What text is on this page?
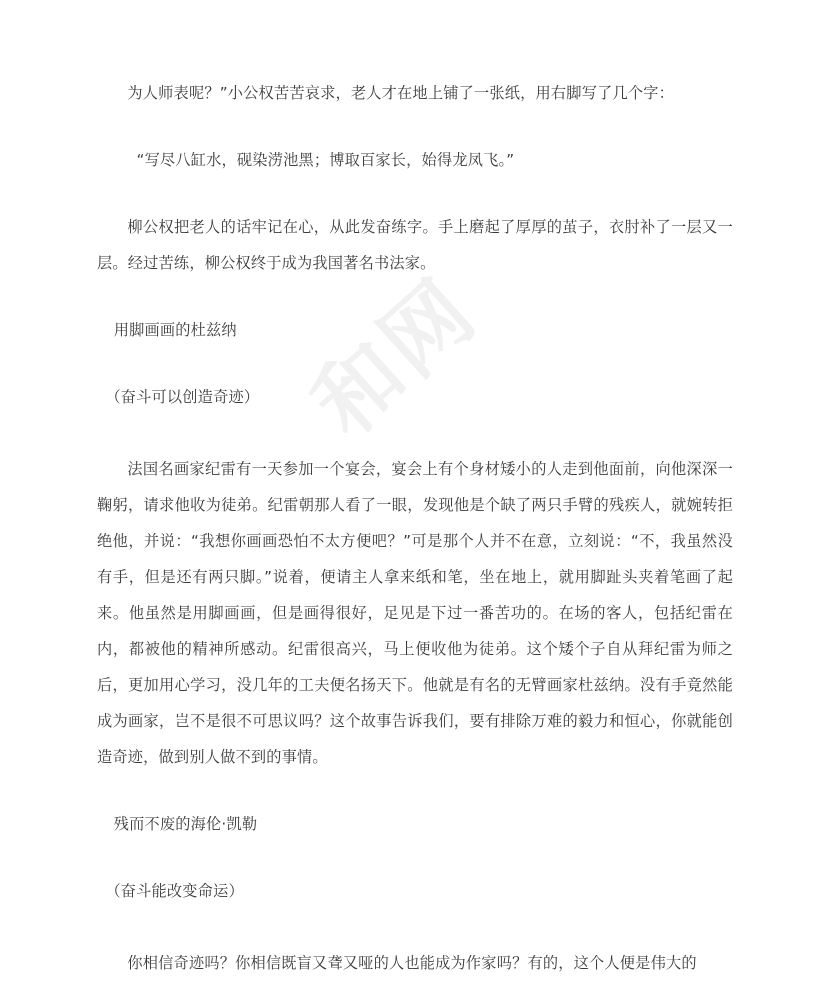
和网

为人师表呢？”小公权苦苦哀求，老人才在地上铺了一张纸，用右脚写了几个字：

“写尽八缸水，砚染涝池黑；博取百家长，始得龙凤飞。”

柳公权把老人的话牢记在心，从此发奋练字。手上磨起了厚厚的茧子，衣肘补了一层又一层。经过苦练，柳公权终于成为我国著名书法家。

用脚画画的杜兹纳

（奋斗可以创造奇迹）

法国名画家纪雷有一天参加一个宴会，宴会上有个身材矮小的人走到他面前，向他深深一鞠躬，请求他收为徒弟。纪雷朝那人看了一眼，发现他是个缺了两只手臂的残疾人，就婉转拒绝他，并说：“我想你画画恐怕不太方便吧？”可是那个人并不在意，立刻说：“不，我虽然没有手，但是还有两只脚。”说着，便请主人拿来纸和笔，坐在地上，就用脚趾头夹着笔画了起来。他虽然是用脚画画，但是画得很好，足见是下过一番苦功的。在场的客人，包括纪雷在内，都被他的精神所感动。纪雷很高兴，马上便收他为徒弟。这个矮个子自从拜纪雷为师之后，更加用心学习，没几年的工夫便名扬天下。他就是有名的无臂画家杜兹纳。没有手竟然能成为画家，岂不是很不可思议吗？这个故事告诉我们，要有排除万难的毅力和恒心，你就能创造奇迹，做到别人做不到的事情。

残而不废的海伦·凯勒

（奋斗能改变命运）

你相信奇迹吗？你相信既盲又聋又哑的人也能成为作家吗？有的，这个人便是伟大的
